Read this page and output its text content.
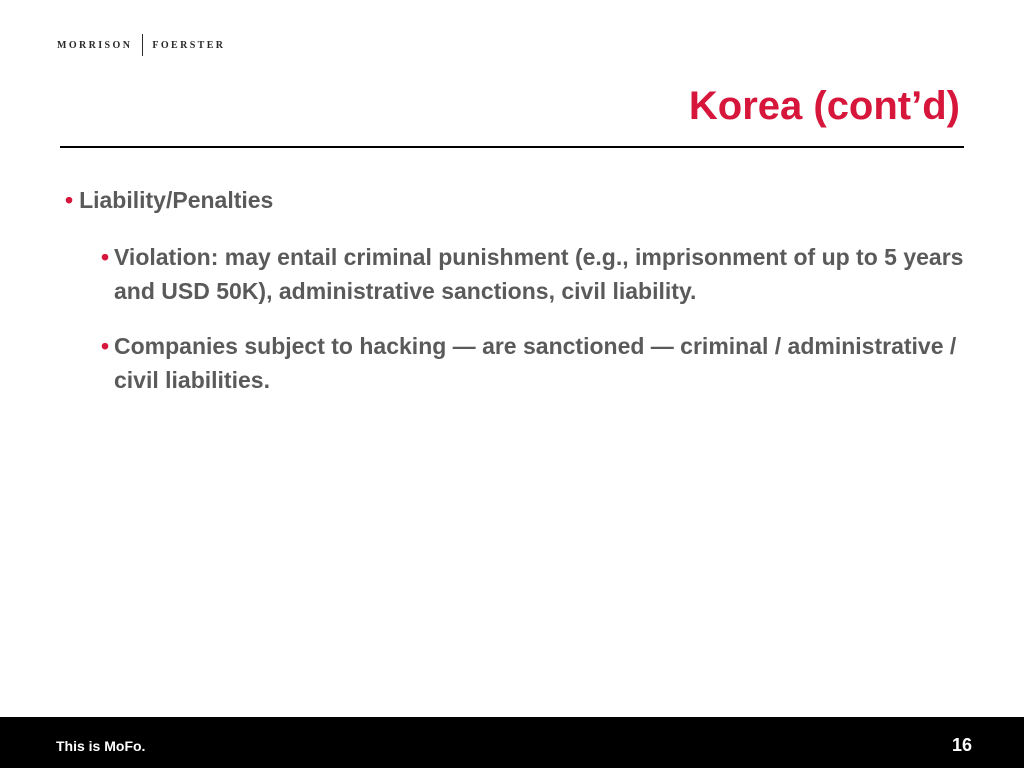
MORRISON FOERSTER
Korea (cont’d)
• Liability/Penalties
• Violation: may entail criminal punishment (e.g., imprisonment of up to 5 years and USD 50K), administrative sanctions, civil liability.
• Companies subject to hacking — are sanctioned — criminal / administrative / civil liabilities.
This is MoFo.	16
